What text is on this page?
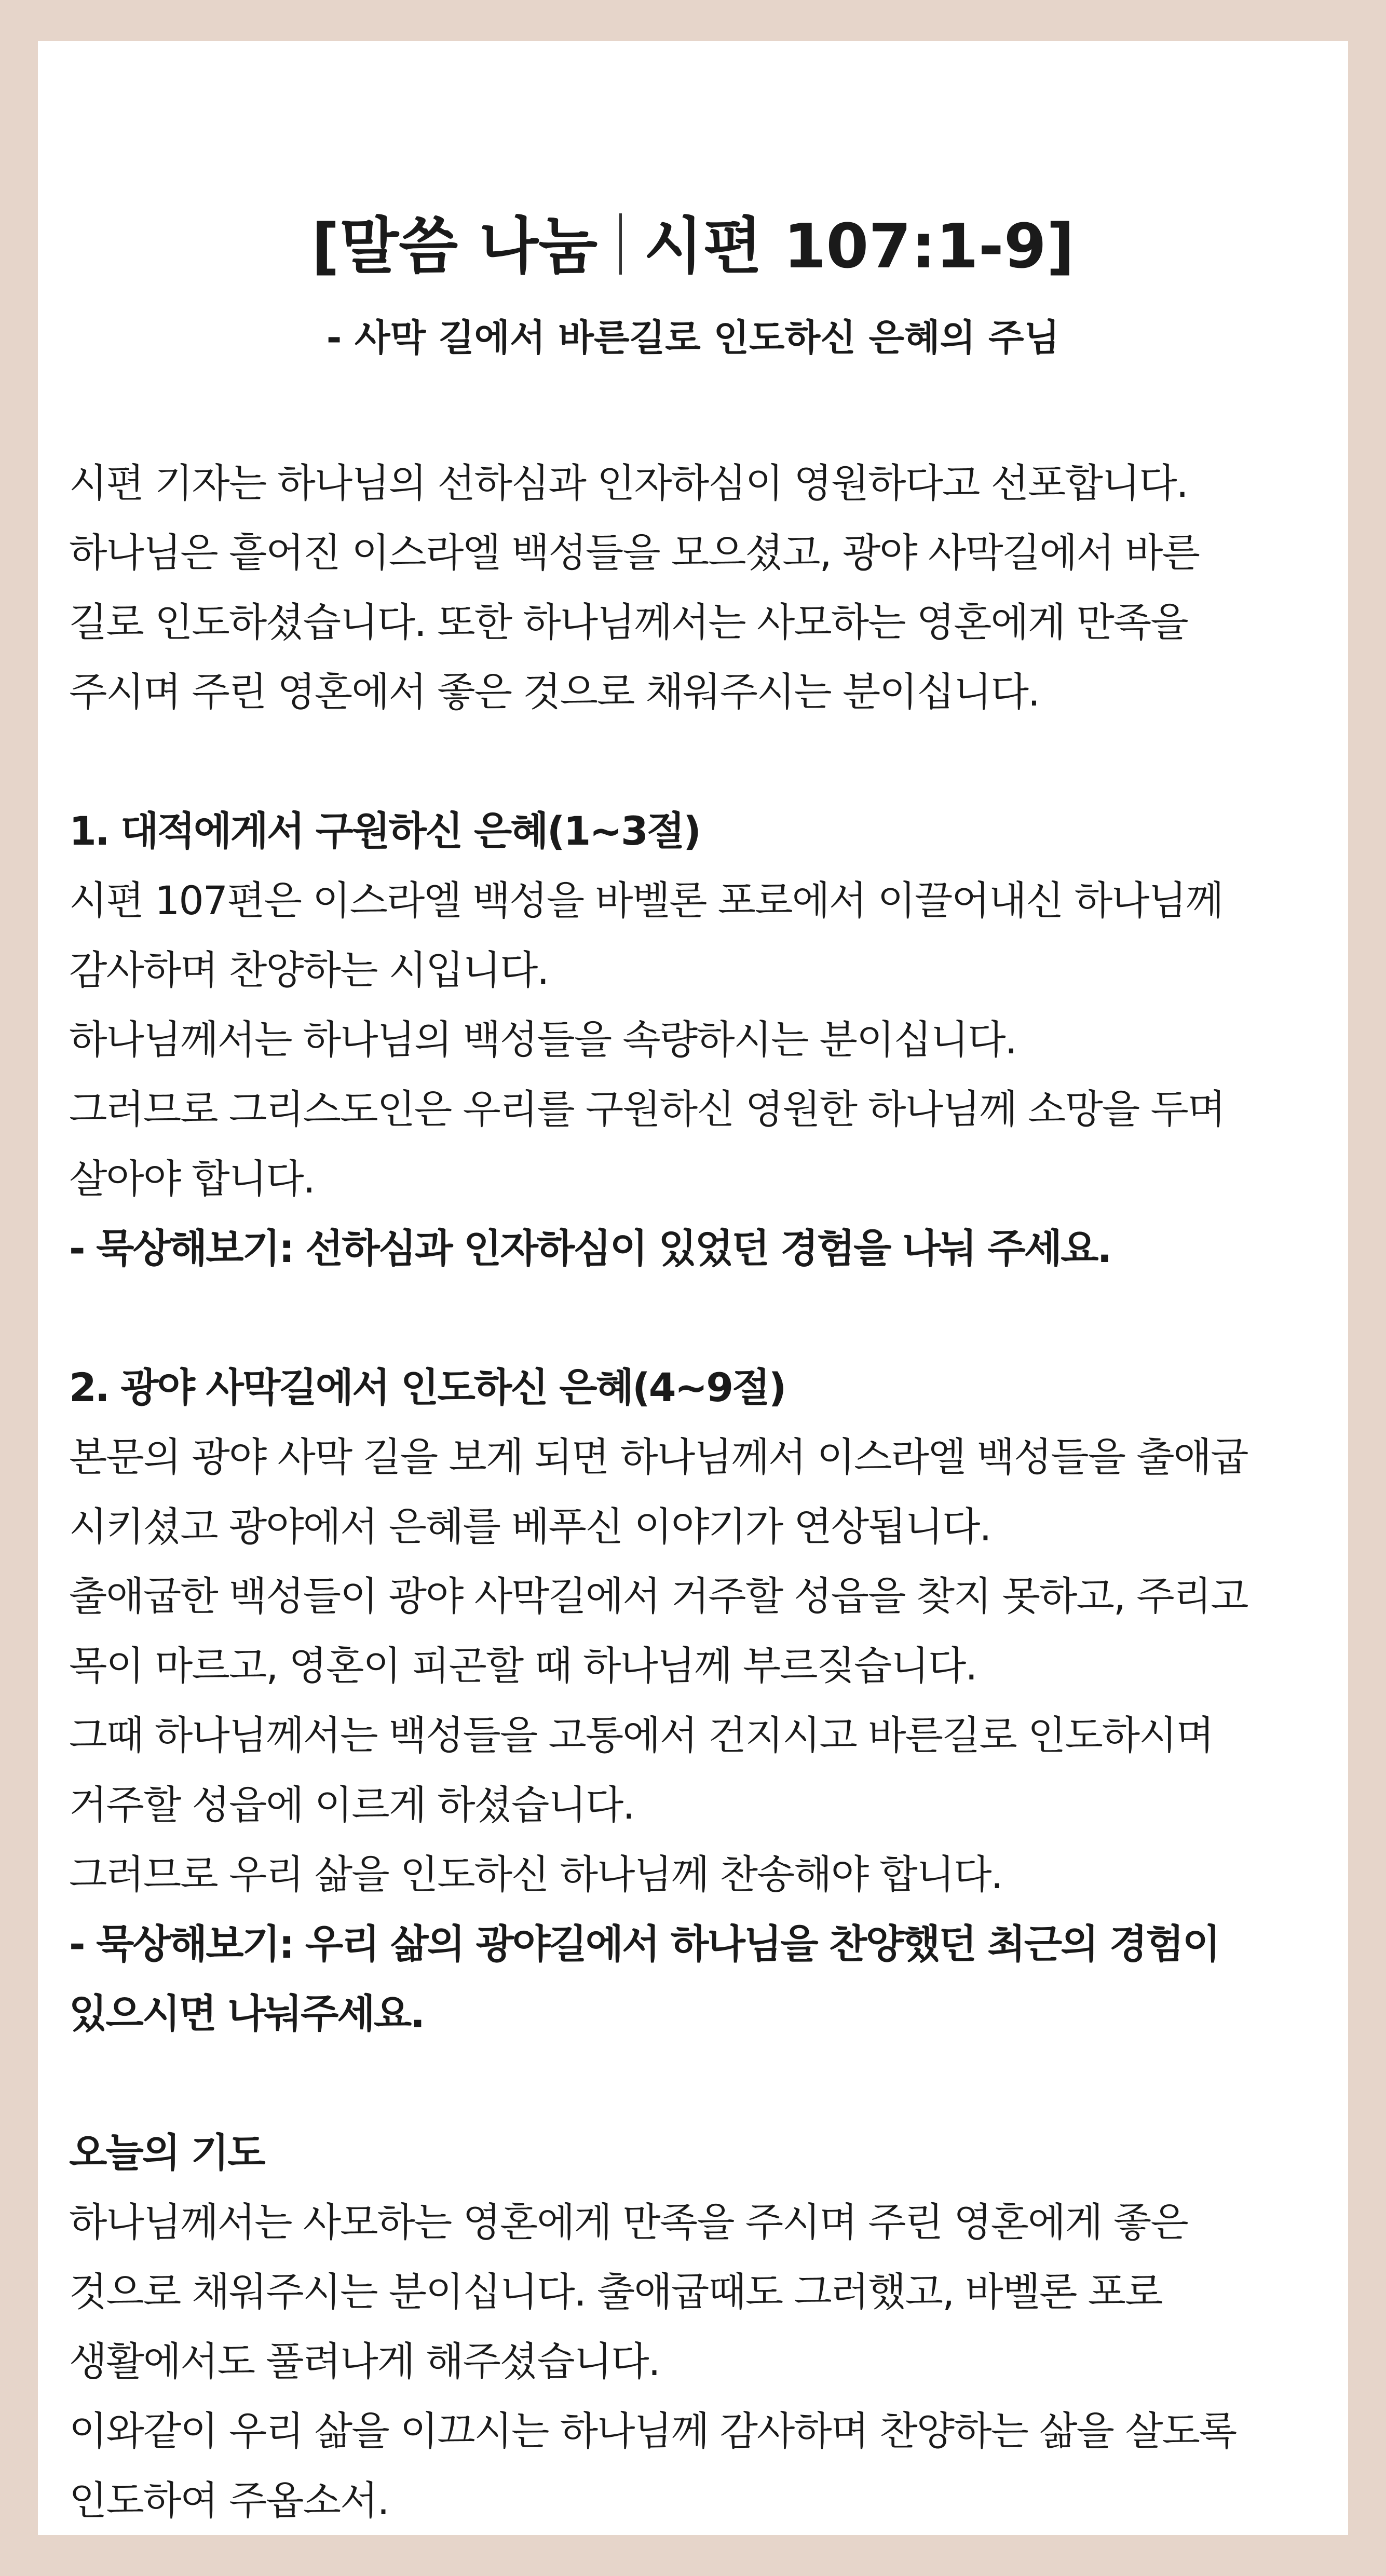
[말씀 나눔 시편 107:1-9]
- 사막 길에서 바른길로 인도하신 은혜의 주님
시편 기자는 하나님의 선하심과 인자하심이 영원하다고 선포합니다.
하나님은 흩어진 이스라엘 백성들을 모으셨고, 광야 사막길에서 바른
길로 인도하셨습니다. 또한 하나님께서는 사모하는 영혼에게 만족을
주시며 주린 영혼에서 좋은 것으로 채워주시는 분이십니다.
1. 대적에게서 구원하신 은혜(1~3절)
시편 107편은 이스라엘 백성을 바벨론 포로에서 이끌어내신 하나님께
감사하며 찬양하는 시입니다.
하나님께서는 하나님의 백성들을 속량하시는 분이십니다.
그러므로 그리스도인은 우리를 구원하신 영원한 하나님께 소망을 두며
살아야 합니다.
- 묵상해보기: 선하심과 인자하심이 있었던 경험을 나눠 주세요.
2. 광야 사막길에서 인도하신 은혜(4~9절)
본문의 광야 사막 길을 보게 되면 하나님께서 이스라엘 백성들을 출애굽
시키셨고 광야에서 은혜를 베푸신 이야기가 연상됩니다.
출애굽한 백성들이 광야 사막길에서 거주할 성읍을 찾지 못하고, 주리고
목이 마르고, 영혼이 피곤할 때 하나님께 부르짖습니다.
그때 하나님께서는 백성들을 고통에서 건지시고 바른길로 인도하시며
거주할 성읍에 이르게 하셨습니다.
그러므로 우리 삶을 인도하신 하나님께 찬송해야 합니다.
- 묵상해보기: 우리 삶의 광야길에서 하나님을 찬양했던 최근의 경험이
있으시면 나눠주세요.
오늘의 기도
하나님께서는 사모하는 영혼에게 만족을 주시며 주린 영혼에게 좋은
것으로 채워주시는 분이십니다. 출애굽때도 그러했고, 바벨론 포로
생활에서도 풀려나게 해주셨습니다.
이와같이 우리 삶을 이끄시는 하나님께 감사하며 찬양하는 삶을 살도록
인도하여 주옵소서.
